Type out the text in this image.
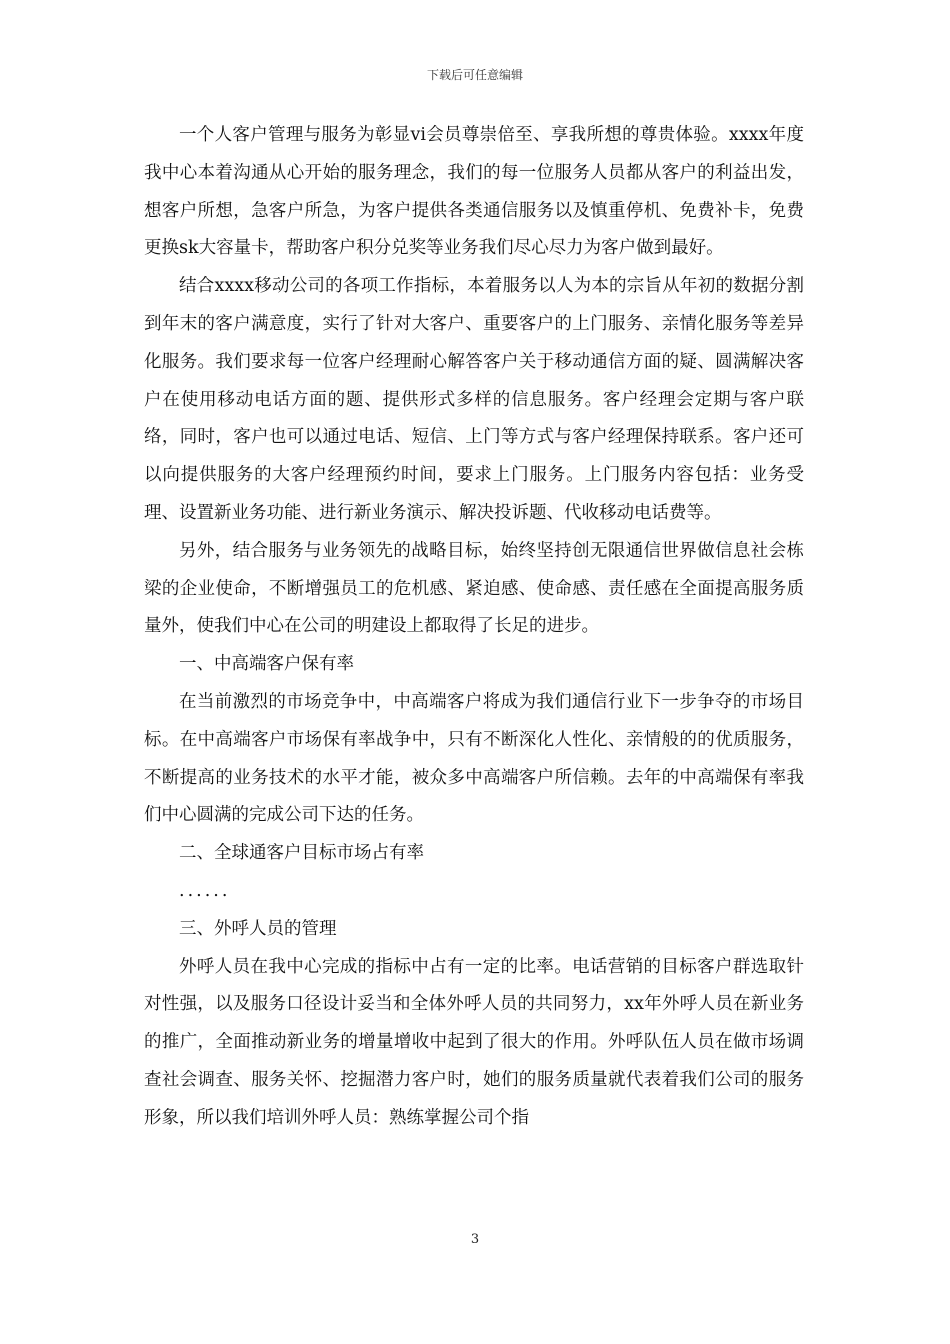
下载后可任意编辑

一个人客户管理与服务为彰显vi会员尊崇倍至、享我所想的尊贵体验。xxxx年度我中心本着沟通从心开始的服务理念，我们的每一位服务人员都从客户的利益出发，想客户所想，急客户所急，为客户提供各类通信服务以及慎重停机、免费补卡，免费更换sk大容量卡，帮助客户积分兑奖等业务我们尽心尽力为客户做到最好。

结合xxxx移动公司的各项工作指标，本着服务以人为本的宗旨从年初的数据分割到年末的客户满意度，实行了针对大客户、重要客户的上门服务、亲情化服务等差异化服务。我们要求每一位客户经理耐心解答客户关于移动通信方面的疑、圆满解决客户在使用移动电话方面的题、提供形式多样的信息服务。客户经理会定期与客户联络，同时，客户也可以通过电话、短信、上门等方式与客户经理保持联系。客户还可以向提供服务的大客户经理预约时间，要求上门服务。上门服务内容包括：业务受理、设置新业务功能、进行新业务演示、解决投诉题、代收移动电话费等。

另外，结合服务与业务领先的战略目标，始终坚持创无限通信世界做信息社会栋梁的企业使命，不断增强员工的危机感、紧迫感、使命感、责任感在全面提高服务质量外，使我们中心在公司的明建设上都取得了长足的进步。

一、中高端客户保有率

在当前激烈的市场竞争中，中高端客户将成为我们通信行业下一步争夺的市场目标。在中高端客户市场保有率战争中，只有不断深化人性化、亲情般的的优质服务，不断提高的业务技术的水平才能，被众多中高端客户所信赖。去年的中高端保有率我们中心圆满的完成公司下达的任务。

二、全球通客户目标市场占有率

......

三、外呼人员的管理

外呼人员在我中心完成的指标中占有一定的比率。电话营销的目标客户群选取针对性强，以及服务口径设计妥当和全体外呼人员的共同努力，xx年外呼人员在新业务的推广，全面推动新业务的增量增收中起到了很大的作用。外呼队伍人员在做市场调查社会调查、服务关怀、挖掘潜力客户时，她们的服务质量就代表着我们公司的服务形象，所以我们培训外呼人员：熟练掌握公司个指

3
